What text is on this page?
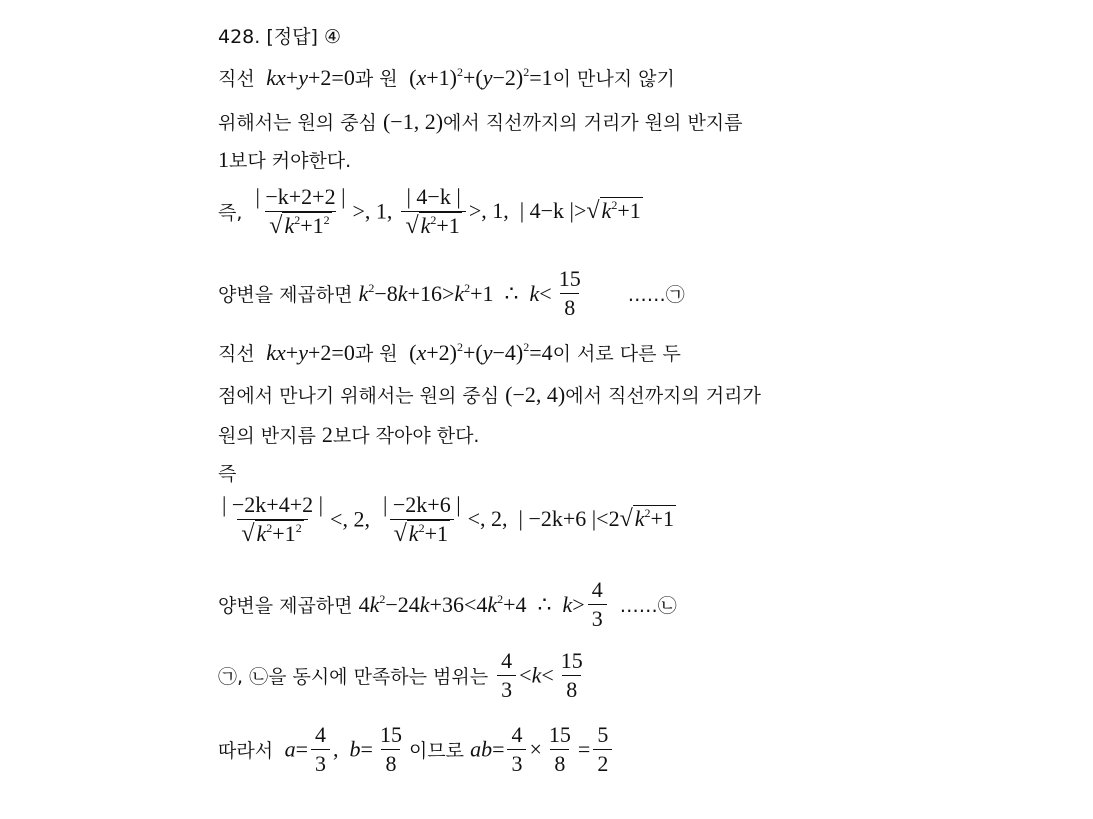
428. [정답] ④
직선 kx+y+2=0과 원  $(x+1)^2+(y-2)^2=1$이 만나지 않기
위해서는 원의 중심 (−1, 2)에서 직선까지의 거리가 원의 반지름
1보다 커야한다.
즉, $\frac{| -k+2+2 |}{√k^2+1^2}$ >, 1, $\frac{| 4-k |}{√k^2+1}$ >, 1,  | 4−k $|>√k^2+1$
양변을 제곱하면 $k^2-8k+16>k^2+1$  ∴  $k< \frac{15}{8}$ ……㉠
직선 kx+y+2=0과 원  $(x+2)^2+(y-4)^2=4$이 서로 다른 두
점에서 만나기 위해서는 원의 중심 (−2, 4)에서 직선까지의 거리가
원의 반지름 2보다 작아야 한다.
즉
$\frac{| -2k+4+2 |}{√k^2+1^2}$ <, 2, $\frac{| -2k+6 |}{√k^2+1}$ <, 2,  | −2k+6 $|<2√k^2+1$
양변을 제곱하면 $4k^2-24k+36<4k^2+4$  ∴  $k> \frac{4}{3}$ ……㉡
㉠, ㉡을 동시에 만족하는 범위는 $\frac{4}{3} <k< \frac{15}{8}$
따라서 $a= \frac{4}{3}$ ,  $b= \frac{15}{8}$ 이므로 $ab= \frac{4}{3} \times \frac{15}{8} = \frac{5}{2}$
